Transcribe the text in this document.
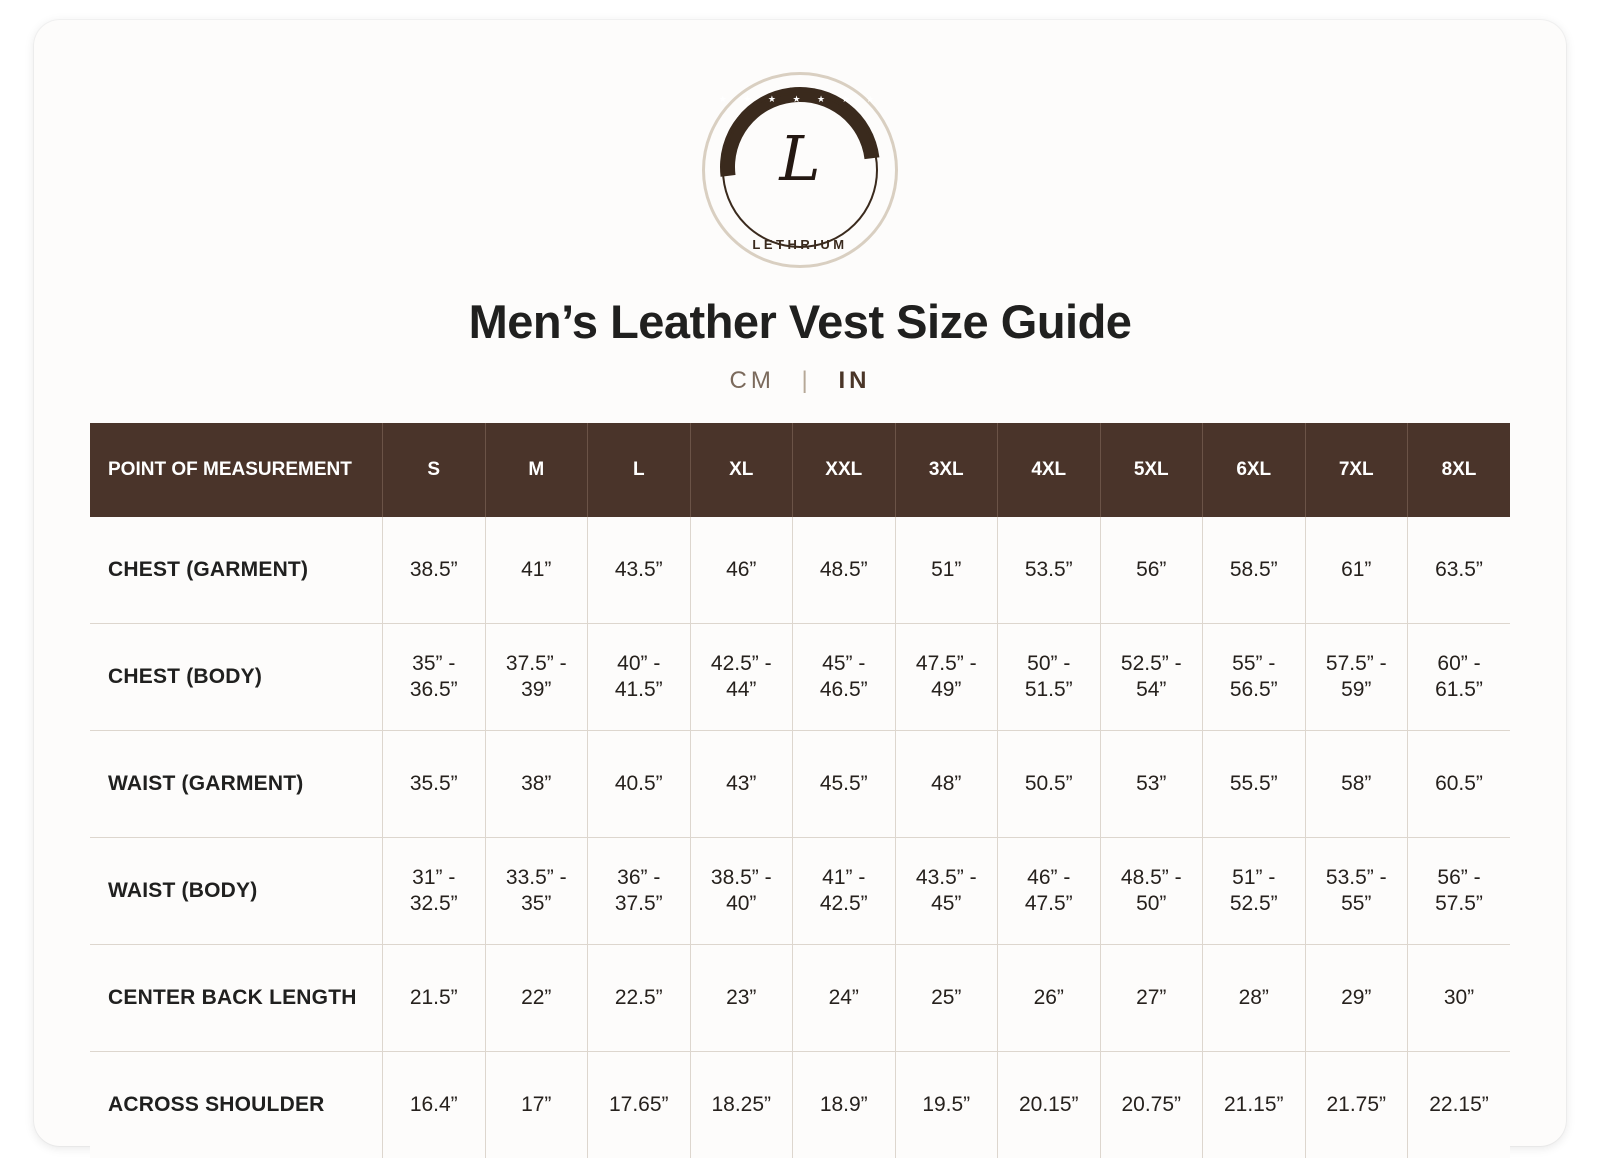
★ ★ ★ ★ ★ ★ ★
L
LETHRIUM
Men’s Leather Vest Size Guide
CM | IN
POINT OF MEASUREMENT	S	M	L	XL	XXL	3XL	4XL	5XL	6XL	7XL	8XL
CHEST (GARMENT)	38.5”	41”	43.5”	46”	48.5”	51”	53.5”	56”	58.5”	61”	63.5”
CHEST (BODY)	35” - 36.5”	37.5” - 39”	40” - 41.5”	42.5” - 44”	45” - 46.5”	47.5” - 49”	50” - 51.5”	52.5” - 54”	55” - 56.5”	57.5” - 59”	60” - 61.5”
WAIST (GARMENT)	35.5”	38”	40.5”	43”	45.5”	48”	50.5”	53”	55.5”	58”	60.5”
WAIST (BODY)	31” - 32.5”	33.5” - 35”	36” - 37.5”	38.5” - 40”	41” - 42.5”	43.5” - 45”	46” - 47.5”	48.5” - 50”	51” - 52.5”	53.5” - 55”	56” - 57.5”
CENTER BACK LENGTH	21.5”	22”	22.5”	23”	24”	25”	26”	27”	28”	29”	30”
ACROSS SHOULDER	16.4”	17”	17.65”	18.25”	18.9”	19.5”	20.15”	20.75”	21.15”	21.75”	22.15”
